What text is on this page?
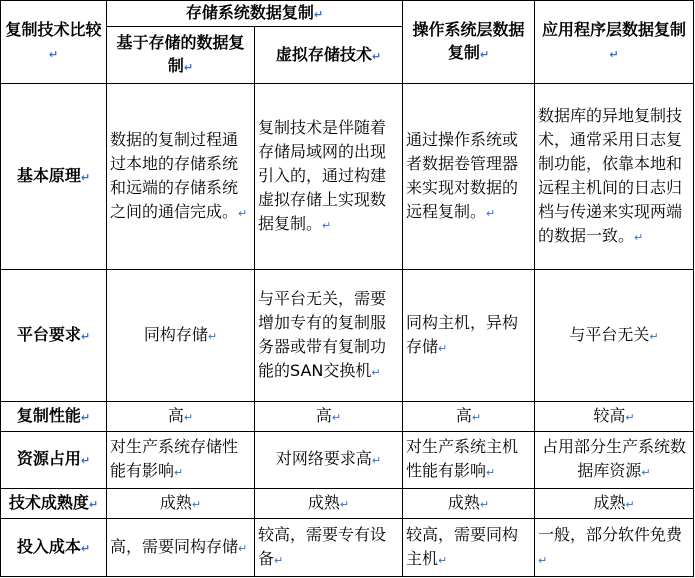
复制技术比较↵	存储系统数据复制↵		操作系统层数据复制↵	应用程序层数据复制↵
	基于存储的数据复制↵	虚拟存储技术↵		
基本原理↵	数据的复制过程通过本地的存储系统和远端的存储系统之间的通信完成。↵	复制技术是伴随着存储局域网的出现引入的，通过构建虚拟存储上实现数据复制。↵	通过操作系统或者数据卷管理器来实现对数据的远程复制。↵	数据库的异地复制技术，通常采用日志复制功能，依靠本地和远程主机间的日志归档与传递来实现两端的数据一致。↵
平台要求↵	同构存储↵	与平台无关，需要增加专有的复制服务器或带有复制功能的SAN交换机↵	同构主机，异构存储↵	与平台无关↵
复制性能↵	高↵	高↵	高↵	较高↵
资源占用↵	对生产系统存储性能有影响↵	对网络要求高↵	对生产系统主机性能有影响↵	占用部分生产系统数据库资源↵
技术成熟度↵	成熟↵	成熟↵	成熟↵	成熟↵
投入成本↵	高，需要同构存储↵	较高，需要专有设备↵	较高，需要同构主机↵	一般，部分软件免费↵
